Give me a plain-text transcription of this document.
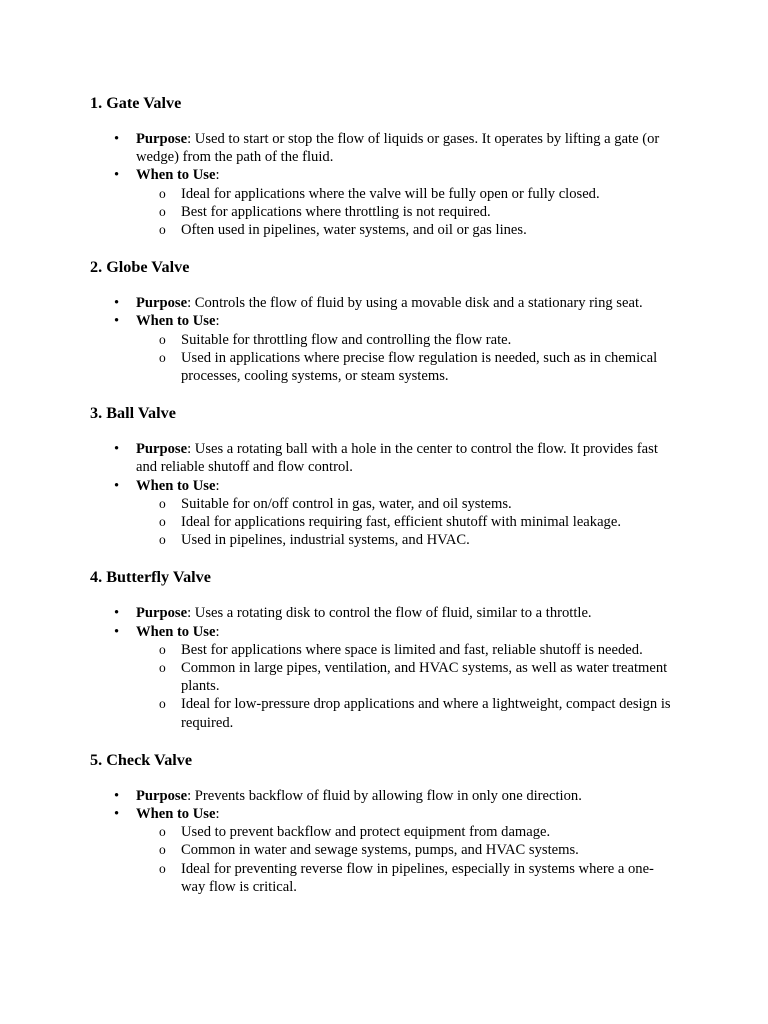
1. Gate Valve
• Purpose: Used to start or stop the flow of liquids or gases. It operates by lifting a gate (or wedge) from the path of the fluid.
• When to Use:
o Ideal for applications where the valve will be fully open or fully closed.
o Best for applications where throttling is not required.
o Often used in pipelines, water systems, and oil or gas lines.
2. Globe Valve
• Purpose: Controls the flow of fluid by using a movable disk and a stationary ring seat.
• When to Use:
o Suitable for throttling flow and controlling the flow rate.
o Used in applications where precise flow regulation is needed, such as in chemical processes, cooling systems, or steam systems.
3. Ball Valve
• Purpose: Uses a rotating ball with a hole in the center to control the flow. It provides fast and reliable shutoff and flow control.
• When to Use:
o Suitable for on/off control in gas, water, and oil systems.
o Ideal for applications requiring fast, efficient shutoff with minimal leakage.
o Used in pipelines, industrial systems, and HVAC.
4. Butterfly Valve
• Purpose: Uses a rotating disk to control the flow of fluid, similar to a throttle.
• When to Use:
o Best for applications where space is limited and fast, reliable shutoff is needed.
o Common in large pipes, ventilation, and HVAC systems, as well as water treatment plants.
o Ideal for low-pressure drop applications and where a lightweight, compact design is required.
5. Check Valve
• Purpose: Prevents backflow of fluid by allowing flow in only one direction.
• When to Use:
o Used to prevent backflow and protect equipment from damage.
o Common in water and sewage systems, pumps, and HVAC systems.
o Ideal for preventing reverse flow in pipelines, especially in systems where a one-way flow is critical.
